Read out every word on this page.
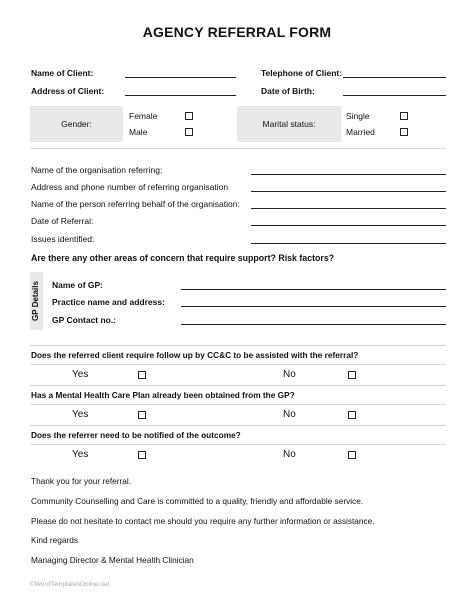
AGENCY REFERRAL FORM
Name of Client:	Telephone of Client:
Address of Client:	Date of Birth:
Gender:
Female
Male
Marital status:
Single
Married
Name of the organisation referring:
Address and phone number of referring organisation
Name of the person referring behalf of the organisation:
Date of Referral:
Issues identified:
Are there any other areas of concern that require support? Risk factors?
GP Details Name of GP:
Practice name and address:
GP Contact no.:
Does the referred client require follow up by CC&C to be assisted with the referral?
Yes	No
Has a Mental Health Care Plan already been obtained from the GP?
Yes	No
Does the referrer need to be notified of the outcome?
Yes	No
Thank you for your referral.
Community Counselling and Care is committed to a quality, friendly and affordable service.
Please do not hesitate to contact me should you require any further information or assistance.
Kind regards
Managing Director & Mental Health Clinician
©WordTemplatesOnline.net
